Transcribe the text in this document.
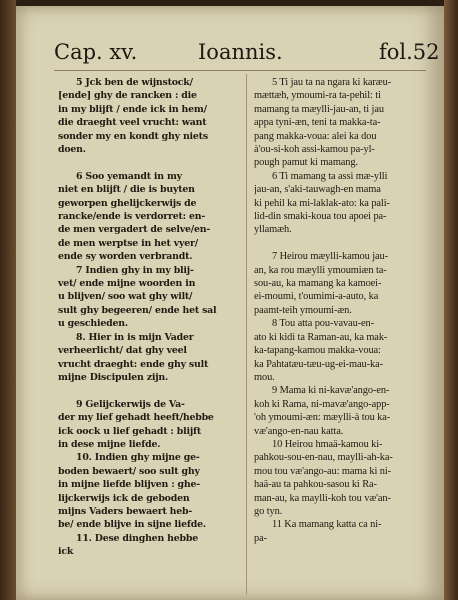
Cap. xv.	Ioannis.	fol.52
5 Jck ben de wijnstock/
[ende] ghy de rancken : die
in my blijft / ende ick in hem/
die draeght veel vrucht: want
sonder my en kondt ghy niets
doen.
6 Soo yemandt in my
niet en blijft / die is buyten
geworpen ghelijckerwijs de
rancke/ende is verdorret: en-
de men vergadert de selve/en-
de men werptse in het vyer/
ende sy worden verbrandt.
7 Indien ghy in my blij-
vet/ ende mijne woorden in
u blijven/ soo wat ghy wilt/
sult ghy begeeren/ ende het sal
u geschieden.
8. Hier in is mijn Vader
verheerlicht/ dat ghy veel
vrucht draeght: ende ghy sult
mijne Discipulen zijn.
9 Gelijckerwijs de Va-
der my lief gehadt heeft/hebbe
ick oock u lief gehadt : blijft
in dese mijne liefde.
10. Indien ghy mijne ge-
boden bewaert/ soo sult ghy
in mijne liefde blijven : ghe-
lijckerwijs ick de geboden
mijns Vaders bewaert heb-
be/ ende blijve in sijne liefde.
11. Dese dinghen hebbe
ick
5 Ti jau ta na ngara ki karæu-
mættæh, ymoumi-ra ta-pehil: ti
mamang ta mæylli-jau-an, ti jau
appa tyni-æn, teni ta makka-ta-
pang makka-voua: alei ka dou
à'ou-si-koh assi-kamou pa-yl-
pough pamut ki mamang.
6 Ti mamang ta assi mæ-ylli
jau-an, s'aki-tauwagh-en mama
ki pehil ka mi-laklak-ato: ka pali-
lid-din smaki-koua tou apoei pa-
yllamæh.
7 Heirou mæylli-kamou jau-
an, ka rou mæylli ymoumiæn ta-
sou-au, ka mamang ka kamoei-
ei-moumi, t'oumimi-a-auto, ka
paamt-teih ymoumi-æn.
8 Tou atta pou-vavau-en-
ato ki kidi ta Raman-au, ka mak-
ka-tapang-kamou makka-voua:
ka Pahtatæu-tæu-ug-ei-mau-ka-
mou.
9 Mama ki ni-kavæ'ango-en-
koh ki Rama, ni-mavæ'ango-app-
'oh ymoumi-æn: mæylli-à tou ka-
væ'ango-en-nau katta.
10 Heirou hmaä-kamou ki-
pahkou-sou-en-nau, maylli-ah-ka-
mou tou væ'ango-au: mama ki ni-
haä-au ta pahkou-sasou ki Ra-
man-au, ka maylli-koh tou væ'an-
go tyn.
11 Ka mamang katta ca ni-
pa-
